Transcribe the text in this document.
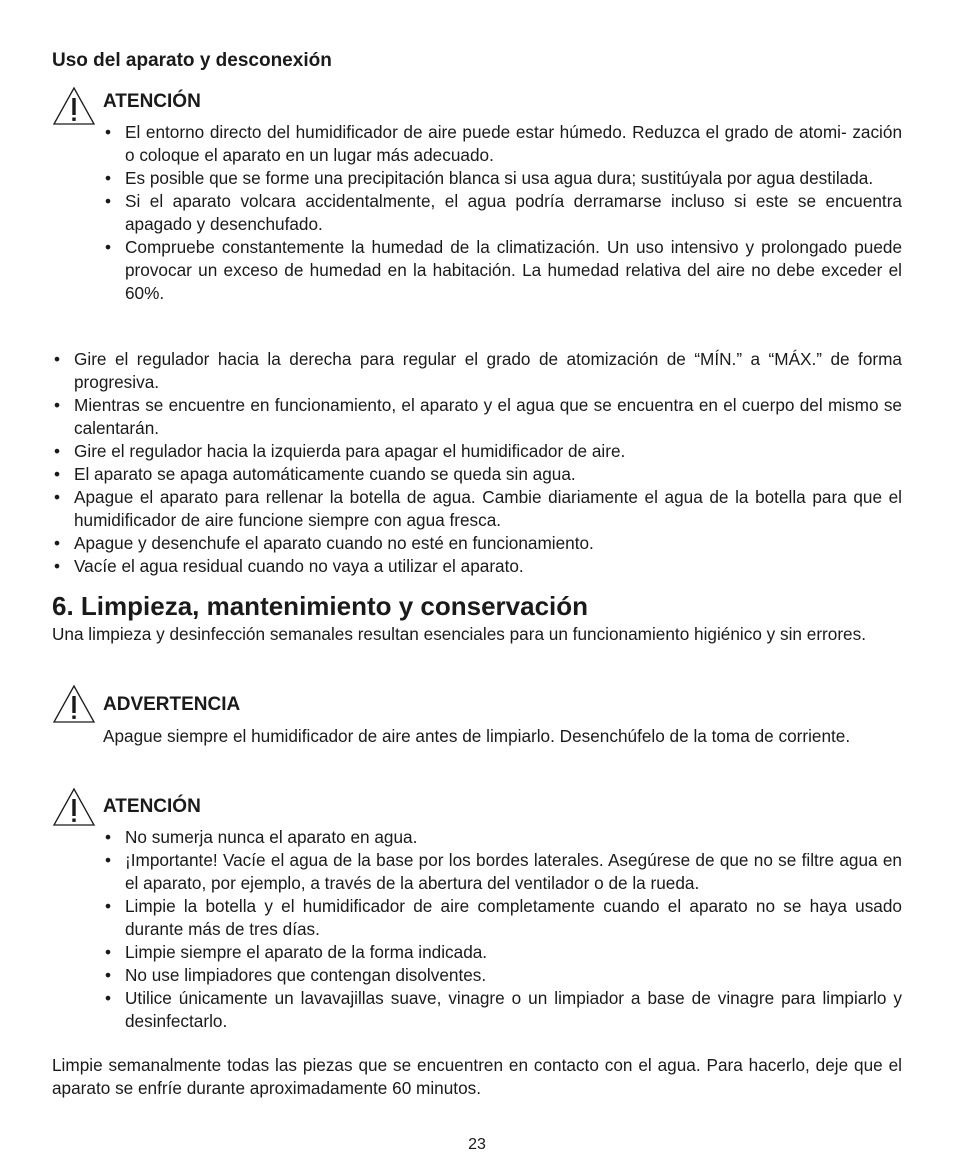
Uso del aparato y desconexión
ATENCIÓN
• El entorno directo del humidificador de aire puede estar húmedo. Reduzca el grado de atomi- zación o coloque el aparato en un lugar más adecuado.
• Es posible que se forme una precipitación blanca si usa agua dura; sustitúyala por agua destilada.
• Si el aparato volcara accidentalmente, el agua podría derramarse incluso si este se encuentra apagado y desenchufado.
• Compruebe constantemente la humedad de la climatización. Un uso intensivo y prolongado puede provocar un exceso de humedad en la habitación. La humedad relativa del aire no debe exceder el 60%.
• Gire el regulador hacia la derecha para regular el grado de atomización de “MÍN.” a “MÁX.” de forma progresiva.
• Mientras se encuentre en funcionamiento, el aparato y el agua que se encuentra en el cuerpo del mismo se calentarán.
• Gire el regulador hacia la izquierda para apagar el humidificador de aire.
• El aparato se apaga automáticamente cuando se queda sin agua.
• Apague el aparato para rellenar la botella de agua. Cambie diariamente el agua de la botella para que el humidificador de aire funcione siempre con agua fresca.
• Apague y desenchufe el aparato cuando no esté en funcionamiento.
• Vacíe el agua residual cuando no vaya a utilizar el aparato.
6. Limpieza, mantenimiento y conservación

Una limpieza y desinfección semanales resultan esenciales para un funcionamiento higiénico y sin errores.

ADVERTENCIA

Apague siempre el humidificador de aire antes de limpiarlo. Desenchúfelo de la toma de corriente.

ATENCIÓN
• No sumerja nunca el aparato en agua.
• ¡Importante! Vacíe el agua de la base por los bordes laterales. Asegúrese de que no se filtre agua en el aparato, por ejemplo, a través de la abertura del ventilador o de la rueda.
• Limpie la botella y el humidificador de aire completamente cuando el aparato no se haya usado durante más de tres días.
• Limpie siempre el aparato de la forma indicada.
• No use limpiadores que contengan disolventes.
• Utilice únicamente un lavavajillas suave, vinagre o un limpiador a base de vinagre para limpiarlo y desinfectarlo.

Limpie semanalmente todas las piezas que se encuentren en contacto con el agua. Para hacerlo, deje que el aparato se enfríe durante aproximadamente 60 minutos.

23
